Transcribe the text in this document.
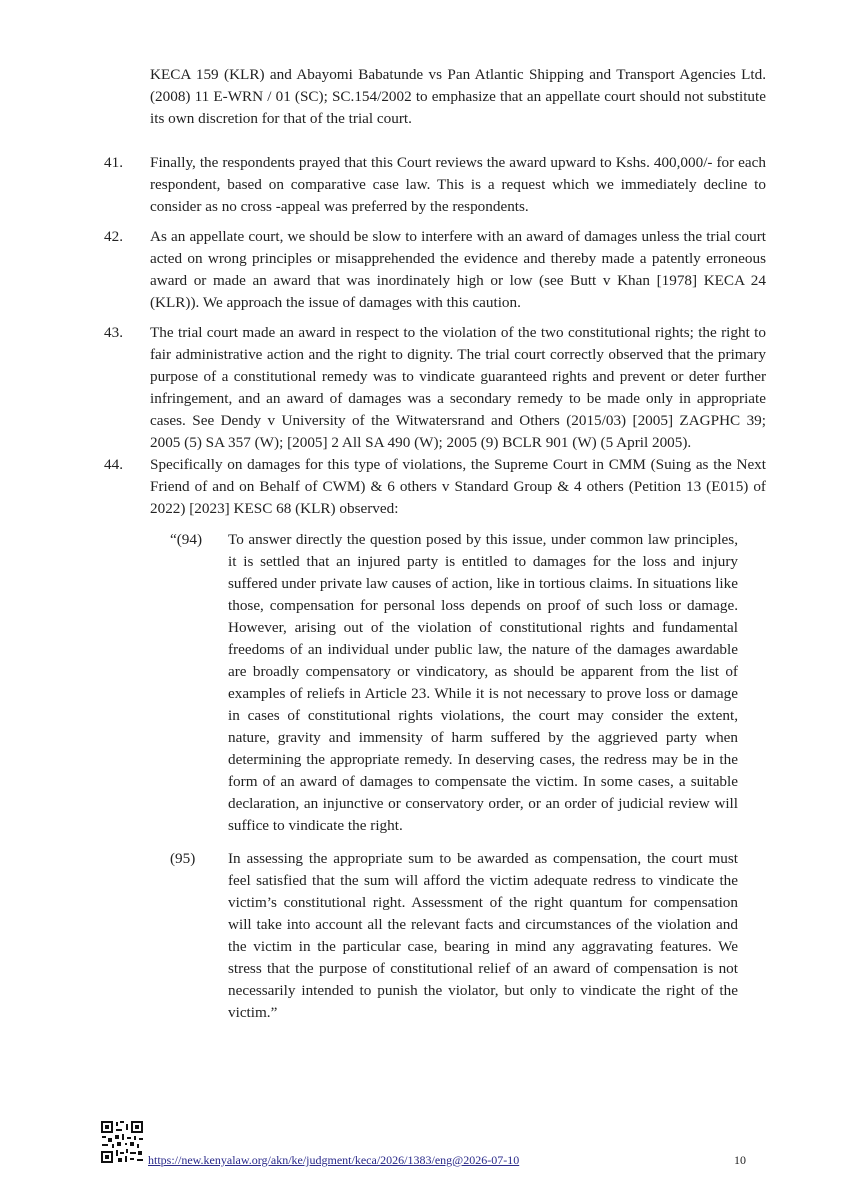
KECA 159 (KLR) and Abayomi Babatunde vs Pan Atlantic Shipping and Transport Agencies Ltd. (2008) 11 E-WRN / 01 (SC); SC.154/2002 to emphasize that an appellate court should not substitute its own discretion for that of the trial court.
41.	Finally, the respondents prayed that this Court reviews the award upward to Kshs. 400,000/- for each respondent, based on comparative case law. This is a request which we immediately decline to consider as no cross -appeal was preferred by the respondents.
42.	As an appellate court, we should be slow to interfere with an award of damages unless the trial court acted on wrong principles or misapprehended the evidence and thereby made a patently erroneous award or made an award that was inordinately high or low (see Butt v Khan [1978] KECA 24 (KLR)). We approach the issue of damages with this caution.
43.	The trial court made an award in respect to the violation of the two constitutional rights; the right to fair administrative action and the right to dignity. The trial court correctly observed that the primary purpose of a constitutional remedy was to vindicate guaranteed rights and prevent or deter further infringement, and an award of damages was a secondary remedy to be made only in appropriate cases. See Dendy v University of the Witwatersrand and Others (2015/03) [2005] ZAGPHC 39; 2005 (5) SA 357 (W); [2005] 2 All SA 490 (W); 2005 (9) BCLR 901 (W) (5 April 2005).
44.	Specifically on damages for this type of violations, the Supreme Court in CMM (Suing as the Next Friend of and on Behalf of CWM) & 6 others v Standard Group & 4 others (Petition 13 (E015) of 2022) [2023] KESC 68 (KLR) observed:
“(94)	To answer directly the question posed by this issue, under common law principles, it is settled that an injured party is entitled to damages for the loss and injury suffered under private law causes of action, like in tortious claims. In situations like those, compensation for personal loss depends on proof of such loss or damage. However, arising out of the violation of constitutional rights and fundamental freedoms of an individual under public law, the nature of the damages awardable are broadly compensatory or vindicatory, as should be apparent from the list of examples of reliefs in Article 23. While it is not necessary to prove loss or damage in cases of constitutional rights violations, the court may consider the extent, nature, gravity and immensity of harm suffered by the aggrieved party when determining the appropriate remedy. In deserving cases, the redress may be in the form of an award of damages to compensate the victim. In some cases, a suitable declaration, an injunctive or conservatory order, or an order of judicial review will suffice to vindicate the right.
(95)	In assessing the appropriate sum to be awarded as compensation, the court must feel satisfied that the sum will afford the victim adequate redress to vindicate the victim’s constitutional right. Assessment of the right quantum for compensation will take into account all the relevant facts and circumstances of the violation and the victim in the particular case, bearing in mind any aggravating features. We stress that the purpose of constitutional relief of an award of compensation is not necessarily intended to punish the violator, but only to vindicate the right of the victim.”
https://new.kenyalaw.org/akn/ke/judgment/keca/2026/1383/eng@2026-07-10	10
